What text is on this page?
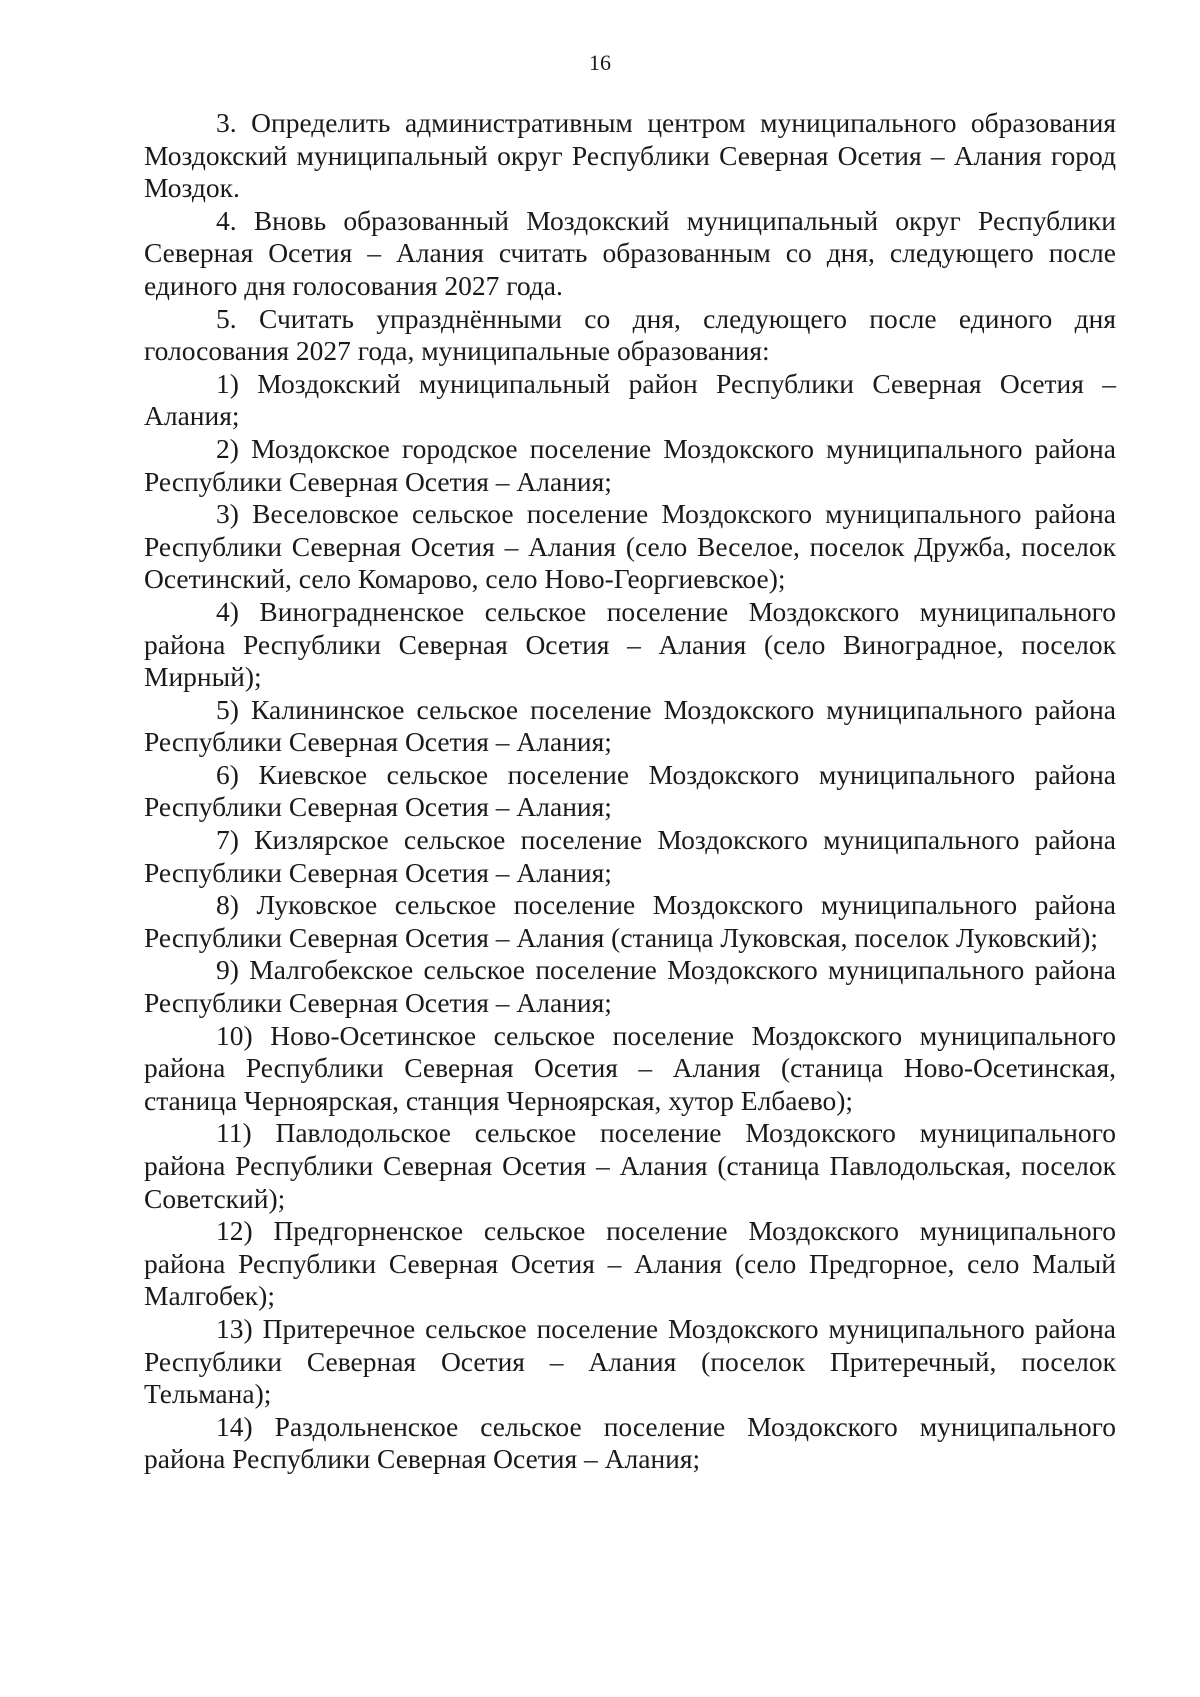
16

3. Определить административным центром муниципального образования Моздокский муниципальный округ Республики Северная Осетия – Алания город Моздок.

4. Вновь образованный Моздокский муниципальный округ Республики Северная Осетия – Алания считать образованным со дня, следующего после единого дня голосования 2027 года.

5. Считать упразднёнными со дня, следующего после единого дня голосования 2027 года, муниципальные образования:

1) Моздокский муниципальный район Республики Северная Осетия – Алания;

2) Моздокское городское поселение Моздокского муниципального района Республики Северная Осетия – Алания;

3) Веселовское сельское поселение Моздокского муниципального района Республики Северная Осетия – Алания (село Веселое, поселок Дружба, поселок Осетинский, село Комарово, село Ново-Георгиевское);

4) Виноградненское сельское поселение Моздокского муниципального района Республики Северная Осетия – Алания (село Виноградное, поселок Мирный);

5) Калининское сельское поселение Моздокского муниципального района Республики Северная Осетия – Алания;

6) Киевское сельское поселение Моздокского муниципального района Республики Северная Осетия – Алания;

7) Кизлярское сельское поселение Моздокского муниципального района Республики Северная Осетия – Алания;

8) Луковское сельское поселение Моздокского муниципального района Республики Северная Осетия – Алания (станица Луковская, поселок Луковский);

9) Малгобекское сельское поселение Моздокского муниципального района Республики Северная Осетия – Алания;

10) Ново-Осетинское сельское поселение Моздокского муниципального района Республики Северная Осетия – Алания (станица Ново-Осетинская, станица Черноярская, станция Черноярская, хутор Елбаево);

11) Павлодольское сельское поселение Моздокского муниципального района Республики Северная Осетия – Алания (станица Павлодольская, поселок Советский);

12) Предгорненское сельское поселение Моздокского муниципального района Республики Северная Осетия – Алания (село Предгорное, село Малый Малгобек);

13) Притеречное сельское поселение Моздокского муниципального района Республики Северная Осетия – Алания (поселок Притеречный, поселок Тельмана);

14) Раздольненское сельское поселение Моздокского муниципального района Республики Северная Осетия – Алания;
